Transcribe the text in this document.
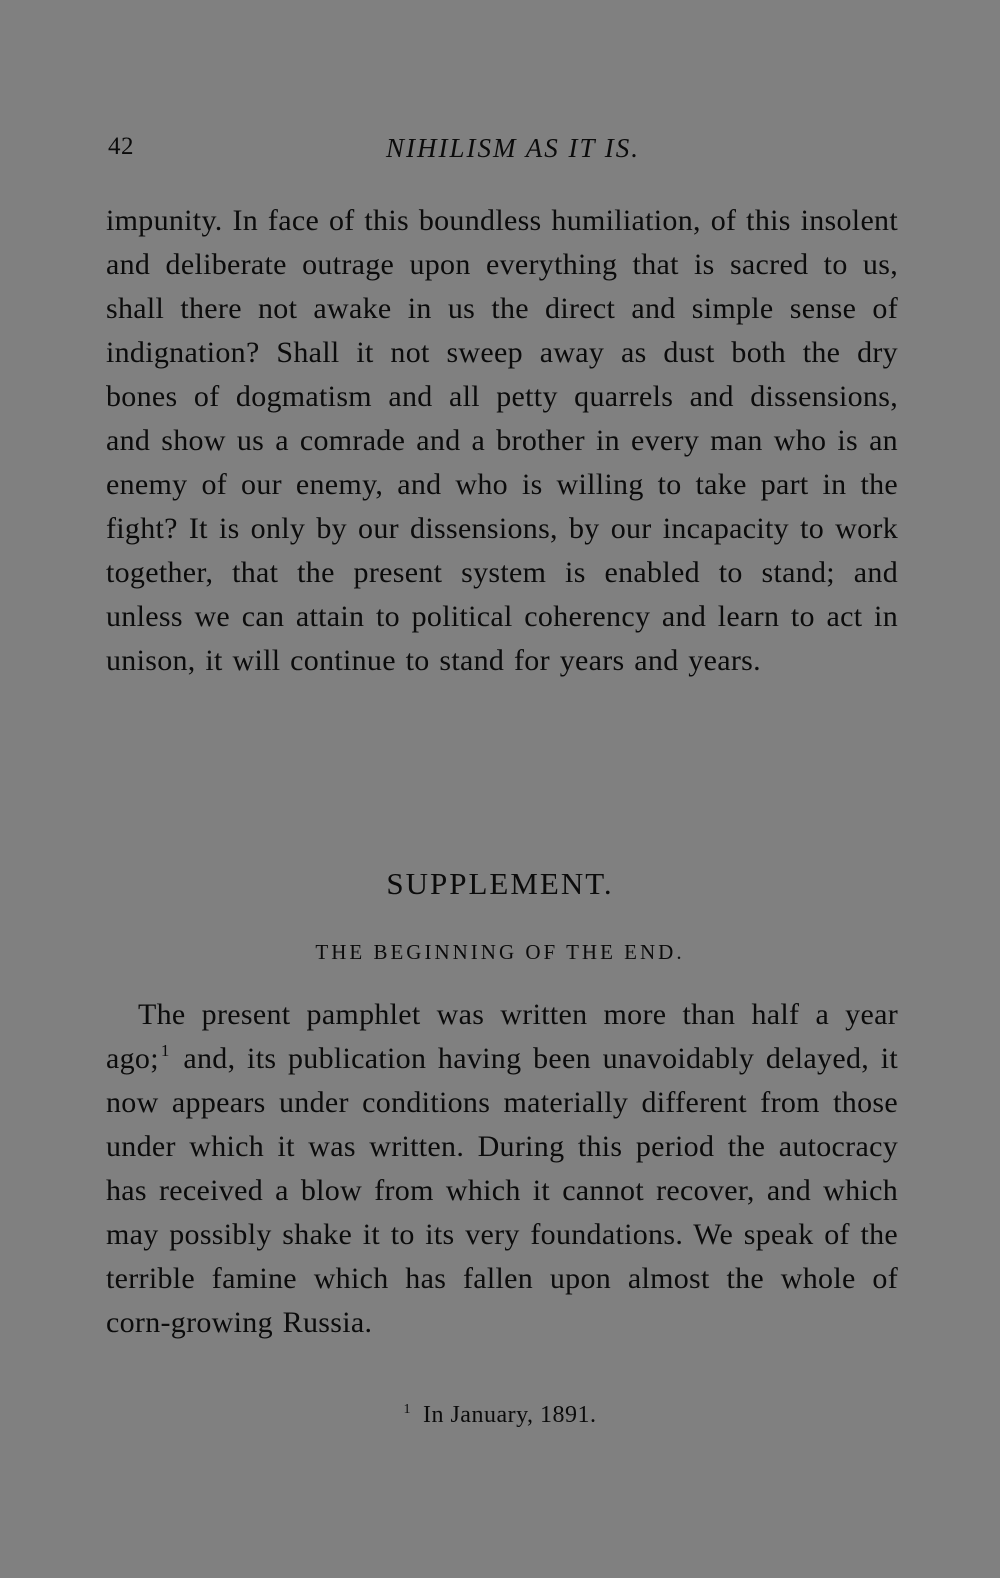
42	NIHILISM AS IT IS.

impunity. In face of this boundless humiliation, of this insolent and deliberate outrage upon everything that is sacred to us, shall there not awake in us the direct and simple sense of indignation? Shall it not sweep away as dust both the dry bones of dogmatism and all petty quarrels and dissensions, and show us a comrade and a brother in every man who is an enemy of our enemy, and who is willing to take part in the fight? It is only by our dissensions, by our incapacity to work together, that the present system is enabled to stand; and unless we can attain to political coherency and learn to act in unison, it will continue to stand for years and years.

SUPPLEMENT.
THE BEGINNING OF THE END.

The present pamphlet was written more than half a year ago; $^1$ and, its publication having been unavoidably delayed, it now appears under conditions materially different from those under which it was written. During this period the autocracy has received a blow from which it cannot recover, and which may possibly shake it to its very foundations. We speak of the terrible famine which has fallen upon almost the whole of corn-growing Russia.

$^1$ In January, 1891.
